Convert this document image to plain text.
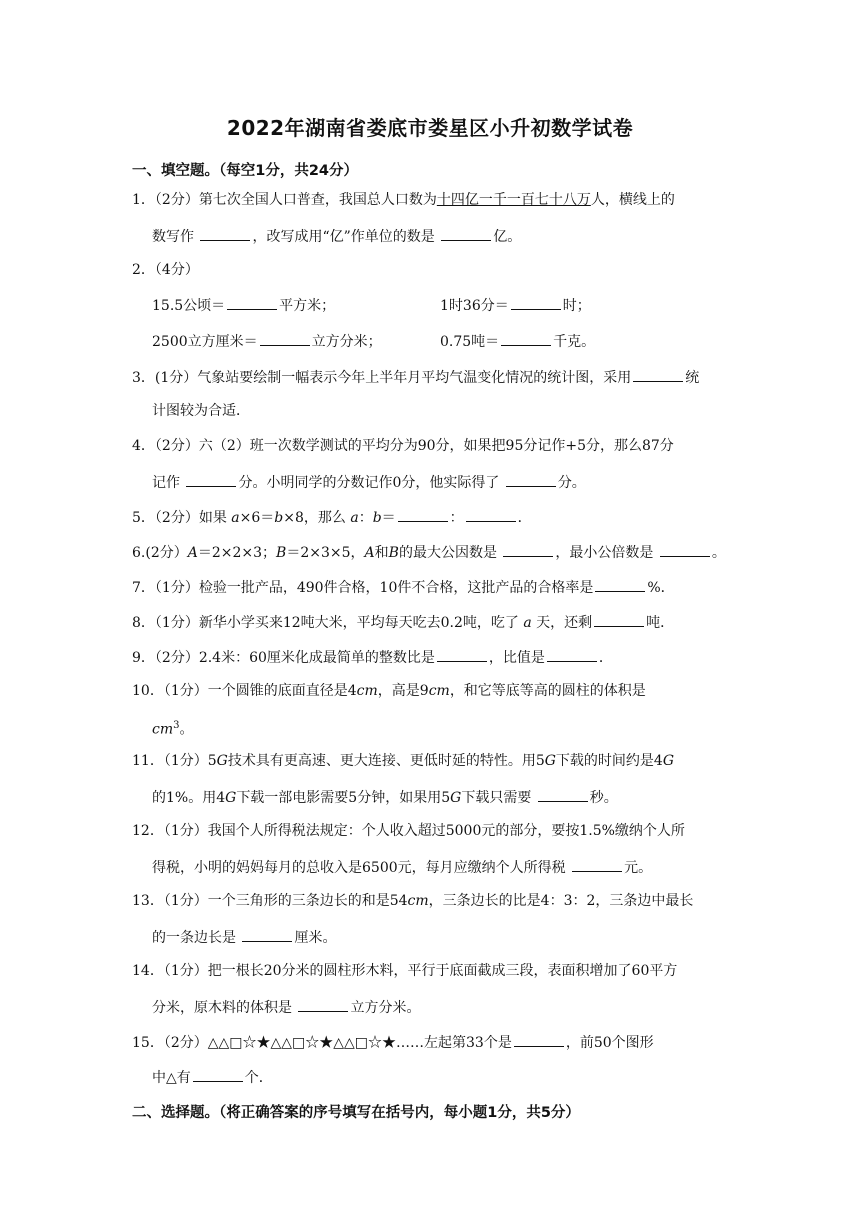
2022年湖南省娄底市娄星区小升初数学试卷
一、填空题。（每空1分，共24分）
1．（2分）第七次全国人口普查，我国总人口数为十四亿一千一百七十八万人，横线上的
数写作	，改写成用“亿”作单位的数是	亿。
2．（4分）
15.5公顷＝	平方米；	1时36分＝	时；
2500立方厘米＝	立方分米；	0.75吨＝	千克。
3．(1分）气象站要绘制一幅表示今年上半年月平均气温变化情况的统计图，采用	统
计图较为合适．
4．（2分）六（2）班一次数学测试的平均分为90分，如果把95分记作+5分，那么87分
记作	分。小明同学的分数记作0分，他实际得了	分。
5．（2分）如果 a×6＝b×8，那么 a：b＝	：	．
6.(2分）A＝2×2×3；B＝2×3×5，A和B的最大公因数是	，最小公倍数是	。
7．（1分）检验一批产品，490件合格，10件不合格，这批产品的合格率是	%．
8．（1分）新华小学买来12吨大米，平均每天吃去0.2吨，吃了 a 天，还剩	吨．
9．（2分）2.4米：60厘米化成最简单的整数比是	，比值是	．
10．（1分）一个圆锥的底面直径是4cm，高是9cm，和它等底等高的圆柱的体积是
$cm^3$。
11．（1分）5G技术具有更高速、更大连接、更低时延的特性。用5G下载的时间约是4G
的1%。用4G下载一部电影需要5分钟，如果用5G下载只需要	秒。
12．（1分）我国个人所得税法规定：个人收入超过5000元的部分，要按1.5%缴纳个人所
得税，小明的妈妈每月的总收入是6500元，每月应缴纳个人所得税	元。
13．（1分）一个三角形的三条边长的和是54cm，三条边长的比是4：3：2，三条边中最长
的一条边长是	厘米。
14．（1分）把一根长20分米的圆柱形木料，平行于底面截成三段，表面积增加了60平方
分米，原木料的体积是	立方分米。
15．（2分）△△□☆★△△□☆★△△□☆★……左起第33个是	，前50个图形
中△有	个．
二、选择题。（将正确答案的序号填写在括号内，每小题1分，共5分）
